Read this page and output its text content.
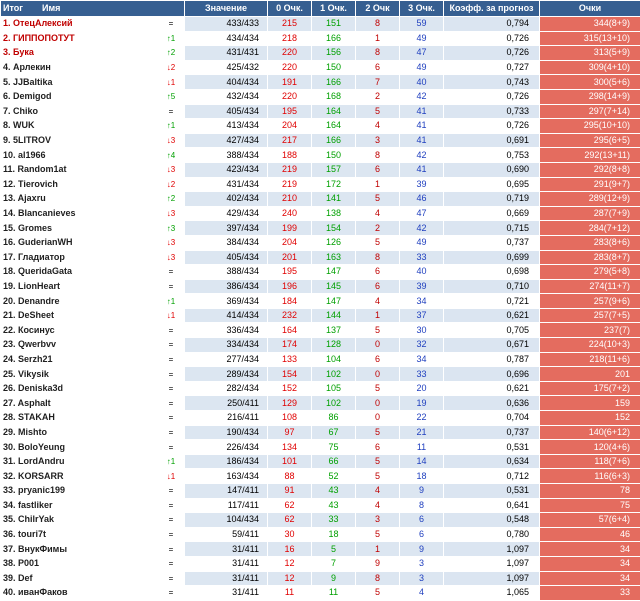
Итог Имя		Значение	0 Очк.	1 Очк.	2 Очк	3 Очк.	Коэфф. за прогноз	Очки
1. ОтецАлексий	=	433/433	215	151	8	59	0,794	344(8+9)
2. ГИППОПОТУТ	↑1	434/434	218	166	1	49	0,726	315(13+10)
3. Бука	↑2	431/431	220	156	8	47	0,726	313(5+9)
4. Арлекин	↓2	425/432	220	150	6	49	0,727	309(4+10)
5. JJBaltika	↓1	404/434	191	166	7	40	0,743	300(5+6)
6. Demigod	↑5	432/434	220	168	2	42	0,726	298(14+9)
7. Chiko	=	405/434	195	164	5	41	0,733	297(7+14)
8. WUK	↑1	413/434	204	164	4	41	0,726	295(10+10)
9. 5LITROV	↓3	427/434	217	166	3	41	0,691	295(6+5)
10. al1966	↑4	388/434	188	150	8	42	0,753	292(13+11)
11. Random1at	↓3	423/434	219	157	6	41	0,690	292(8+8)
12. Tierovich	↓2	431/434	219	172	1	39	0,695	291(9+7)
13. Ajaxru	↑2	402/434	210	141	5	46	0,719	289(12+9)
14. Blancanieves	↓3	429/434	240	138	4	47	0,669	287(7+9)
15. Gromes	↑3	397/434	199	154	2	42	0,715	284(7+12)
16. GuderianWH	↓3	384/434	204	126	5	49	0,737	283(8+6)
17. Гладиатор	↓3	405/434	201	163	8	33	0,699	283(8+7)
18. QueridaGata	=	388/434	195	147	6	40	0,698	279(5+8)
19. LionHeart	=	386/434	196	145	6	39	0,710	274(11+7)
20. Denandre	↑1	369/434	184	147	4	34	0,721	257(9+6)
21. DeSheet	↓1	414/434	232	144	1	37	0,621	257(7+5)
22. Косинус	=	336/434	164	137	5	30	0,705	237(7)
23. Qwerbvv	=	334/434	174	128	0	32	0,671	224(10+3)
24. Serzh21	=	277/434	133	104	6	34	0,787	218(11+6)
25. Vikysik	=	289/434	154	102	0	33	0,696	201
26. Deniska3d	=	282/434	152	105	5	20	0,621	175(7+2)
27. Asphalt	=	250/411	129	102	0	19	0,636	159
28. STAKAH	=	216/411	108	86	0	22	0,704	152
29. Mishto	=	190/434	97	67	5	21	0,737	140(6+12)
30. BoloYeung	=	226/434	134	75	6	11	0,531	120(4+6)
31. LordAndru	↑1	186/434	101	66	5	14	0,634	118(7+6)
32. KORSARR	↓1	163/434	88	52	5	18	0,712	116(6+3)
33. pryanic199	=	147/411	91	43	4	9	0,531	78
34. fastliker	=	117/411	62	43	4	8	0,641	75
35. ChilrYak	=	104/434	62	33	3	6	0,548	57(6+4)
36. touri7t	=	59/411	30	18	5	6	0,780	46
37. ВнукФимы	=	31/411	16	5	1	9	1,097	34
38. P001	=	31/411	12	7	9	3	1,097	34
39. Def	=	31/411	12	9	8	3	1,097	34
40. иванФаков	=	31/411	11	11	5	4	1,065	33
